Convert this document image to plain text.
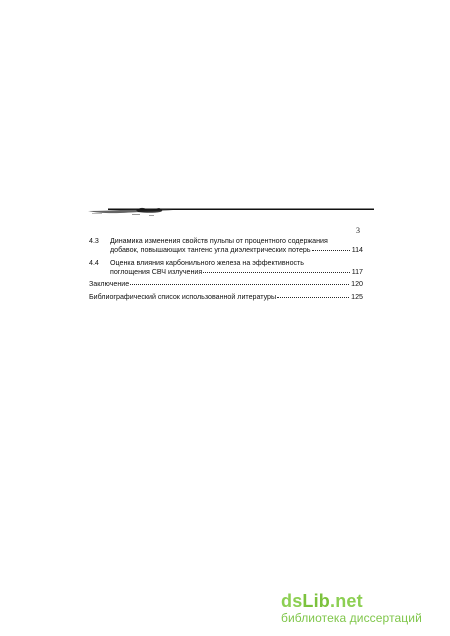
3
4.3 Динамика изменения свойств пульпы от процентного содержания
добавок, повышающих тангенс угла диэлектрических потерь	114
4.4 Оценка влияния карбонильного железа на эффективность
поглощения СВЧ излучения	117
Заключение	120
Библиографический список использованной литературы	125
dsLib.net
библиотека диссертаций
